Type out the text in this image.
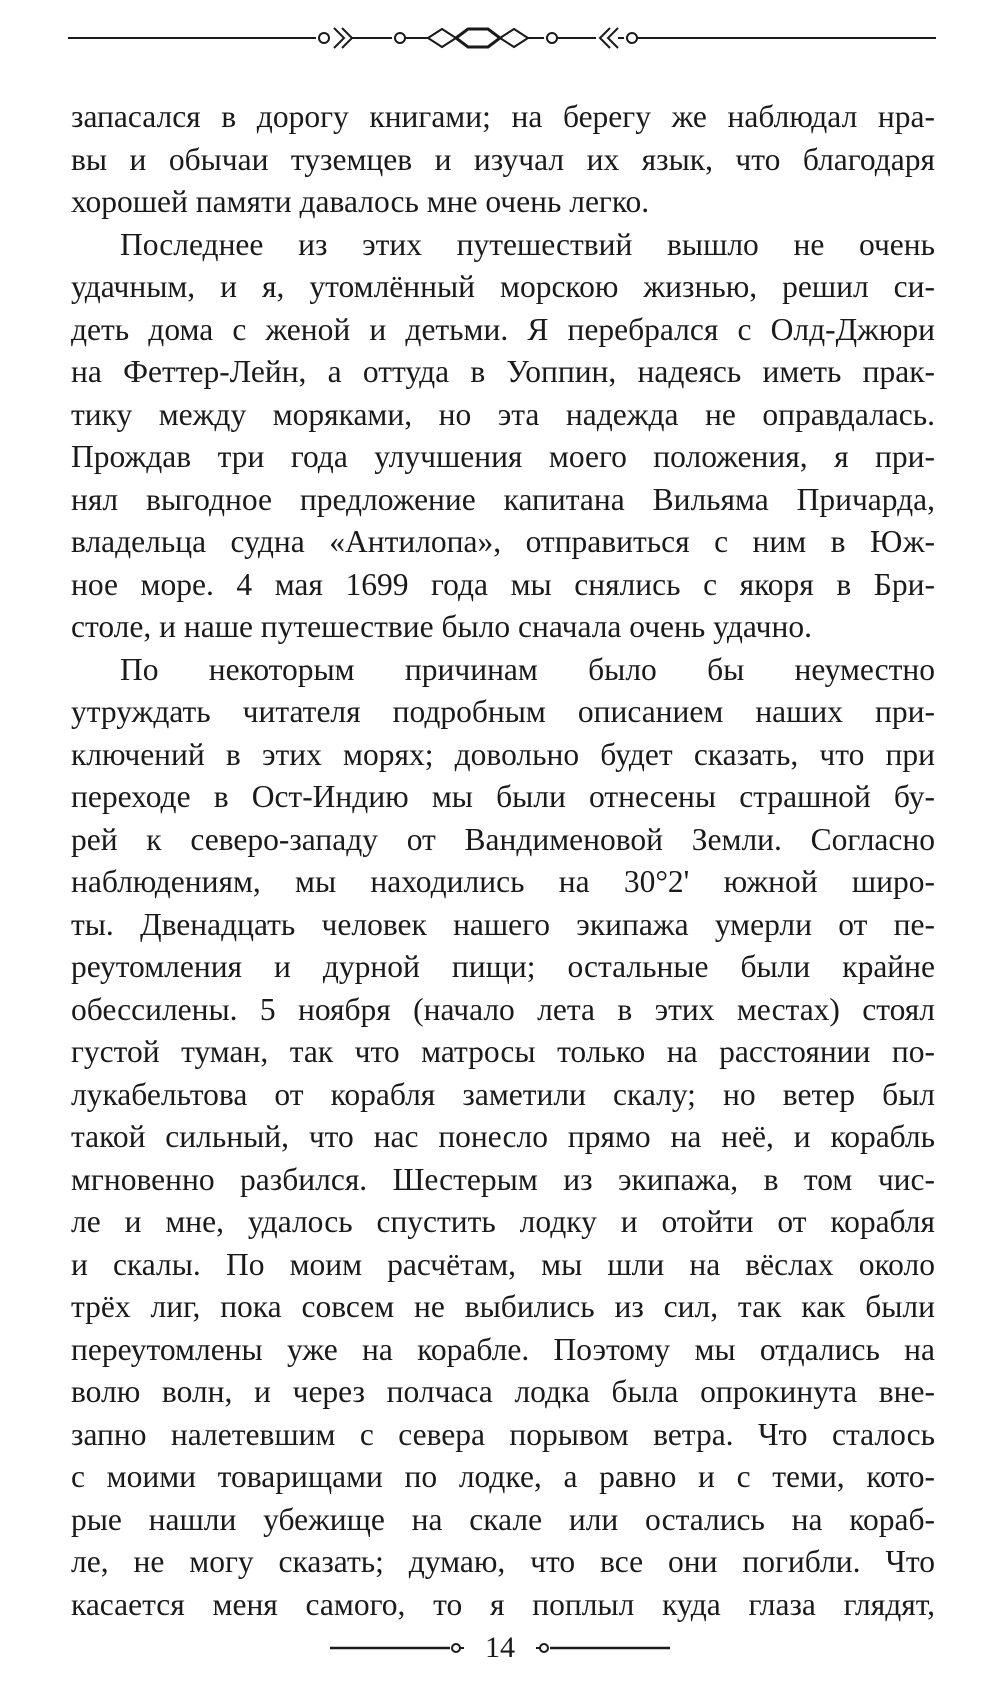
запасался в дорогу книгами; на берегу же наблюдал нра-
вы и обычаи туземцев и изучал их язык, что благодаря
хорошей памяти давалось мне очень легко.
Последнее из этих путешествий вышло не очень
удачным, и я, утомлённый морскою жизнью, решил си-
деть дома с женой и детьми. Я перебрался с Олд-Джюри
на Феттер-Лейн, а оттуда в Уоппин, надеясь иметь прак-
тику между моряками, но эта надежда не оправдалась.
Прождав три года улучшения моего положения, я при-
нял выгодное предложение капитана Вильяма Причарда,
владельца судна «Антилопа», отправиться с ним в Юж-
ное море. 4 мая 1699 года мы снялись с якоря в Бри-
столе, и наше путешествие было сначала очень удачно.
По некоторым причинам было бы неуместно
утруждать читателя подробным описанием наших при-
ключений в этих морях; довольно будет сказать, что при
переходе в Ост-Индию мы были отнесены страшной бу-
рей к северо-западу от Вандименовой Земли. Согласно
наблюдениям, мы находились на 30°2' южной широ-
ты. Двенадцать человек нашего экипажа умерли от пе-
реутомления и дурной пищи; остальные были крайне
обессилены. 5 ноября (начало лета в этих местах) стоял
густой туман, так что матросы только на расстоянии по-
лукабельтова от корабля заметили скалу; но ветер был
такой сильный, что нас понесло прямо на неё, и корабль
мгновенно разбился. Шестерым из экипажа, в том чис-
ле и мне, удалось спустить лодку и отойти от корабля
и скалы. По моим расчётам, мы шли на вёслах около
трёх лиг, пока совсем не выбились из сил, так как были
переутомлены уже на корабле. Поэтому мы отдались на
волю волн, и через полчаса лодка была опрокинута вне-
запно налетевшим с севера порывом ветра. Что сталось
с моими товарищами по лодке, а равно и с теми, кото-
рые нашли убежище на скале или остались на кораб-
ле, не могу сказать; думаю, что все они погибли. Что
касается меня самого, то я поплыл куда глаза глядят,
14
